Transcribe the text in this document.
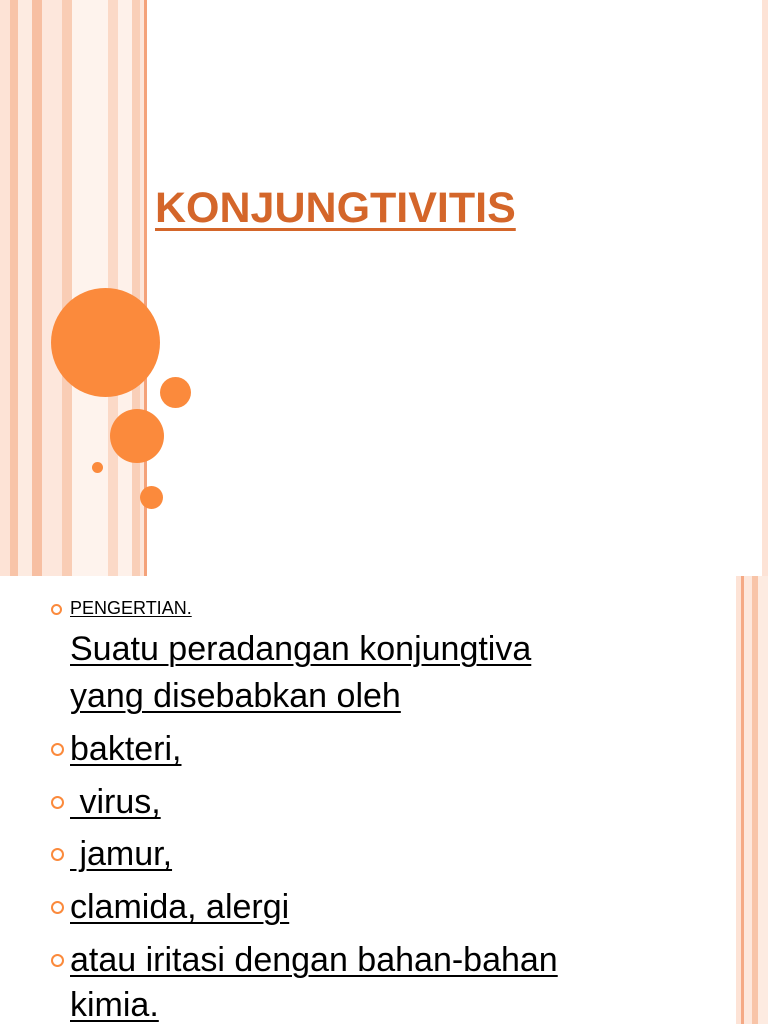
KONJUNGTIVITIS
PENGERTIAN.
Suatu peradangan konjungtiva
yang disebabkan oleh
bakteri,
virus,
jamur,
clamida, alergi
atau iritasi dengan bahan-bahan
kimia.
